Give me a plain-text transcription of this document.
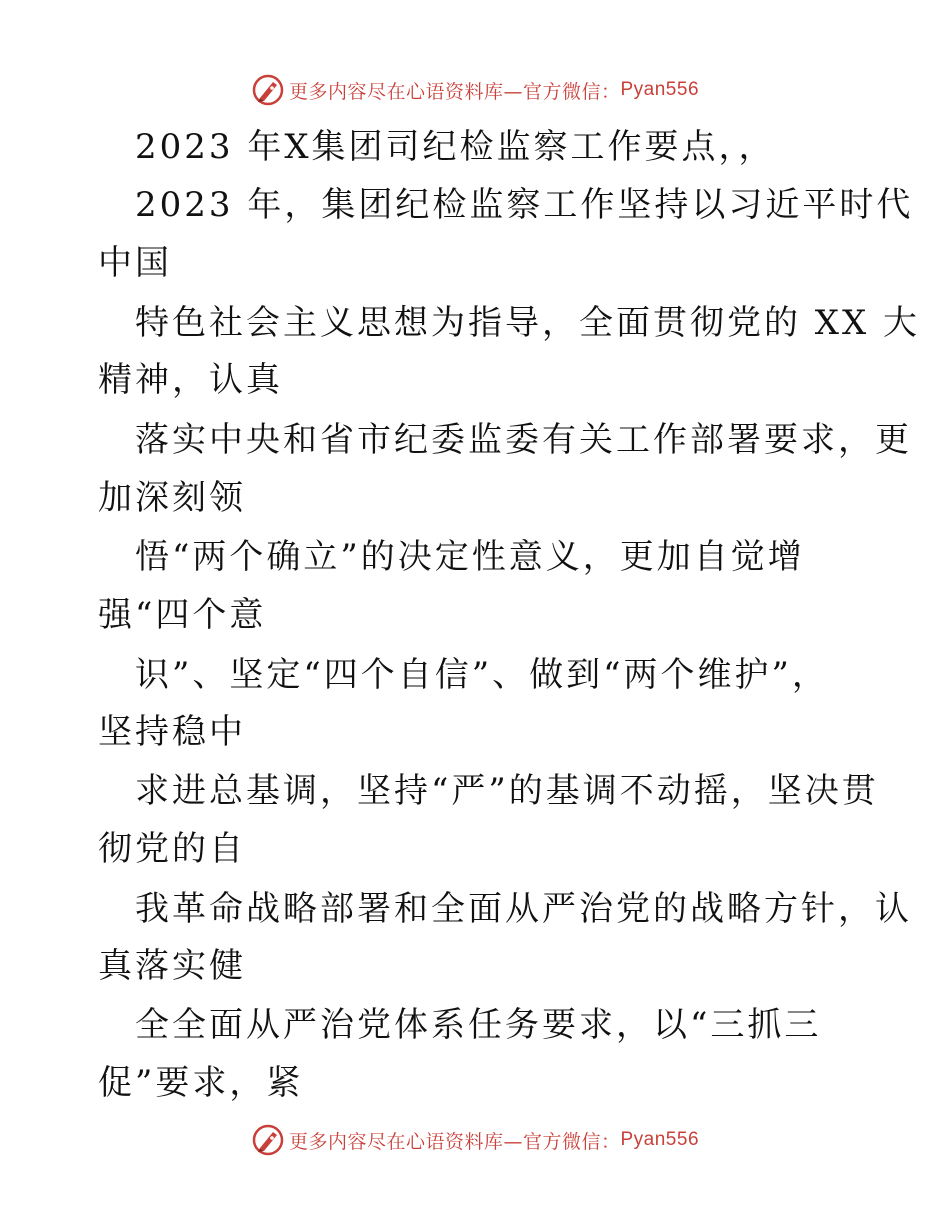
更多内容尽在心语资料库—官方微信： Pyan556
2023 年X集团司纪检监察工作要点，，
2023 年，集团纪检监察工作坚持以习近平时代
中国
特色社会主义思想为指导，全面贯彻党的 XX 大
精神，认真
落实中央和省市纪委监委有关工作部署要求，更
加深刻领
悟“两个确立”的决定性意义，更加自觉增
强“四个意
识”、坚定“四个自信”、做到“两个维护”，
坚持稳中
求进总基调，坚持“严”的基调不动摇，坚决贯
彻党的自
我革命战略部署和全面从严治党的战略方针，认
真落实健
全全面从严治党体系任务要求，以“三抓三
促”要求，紧
更多内容尽在心语资料库—官方微信： Pyan556
